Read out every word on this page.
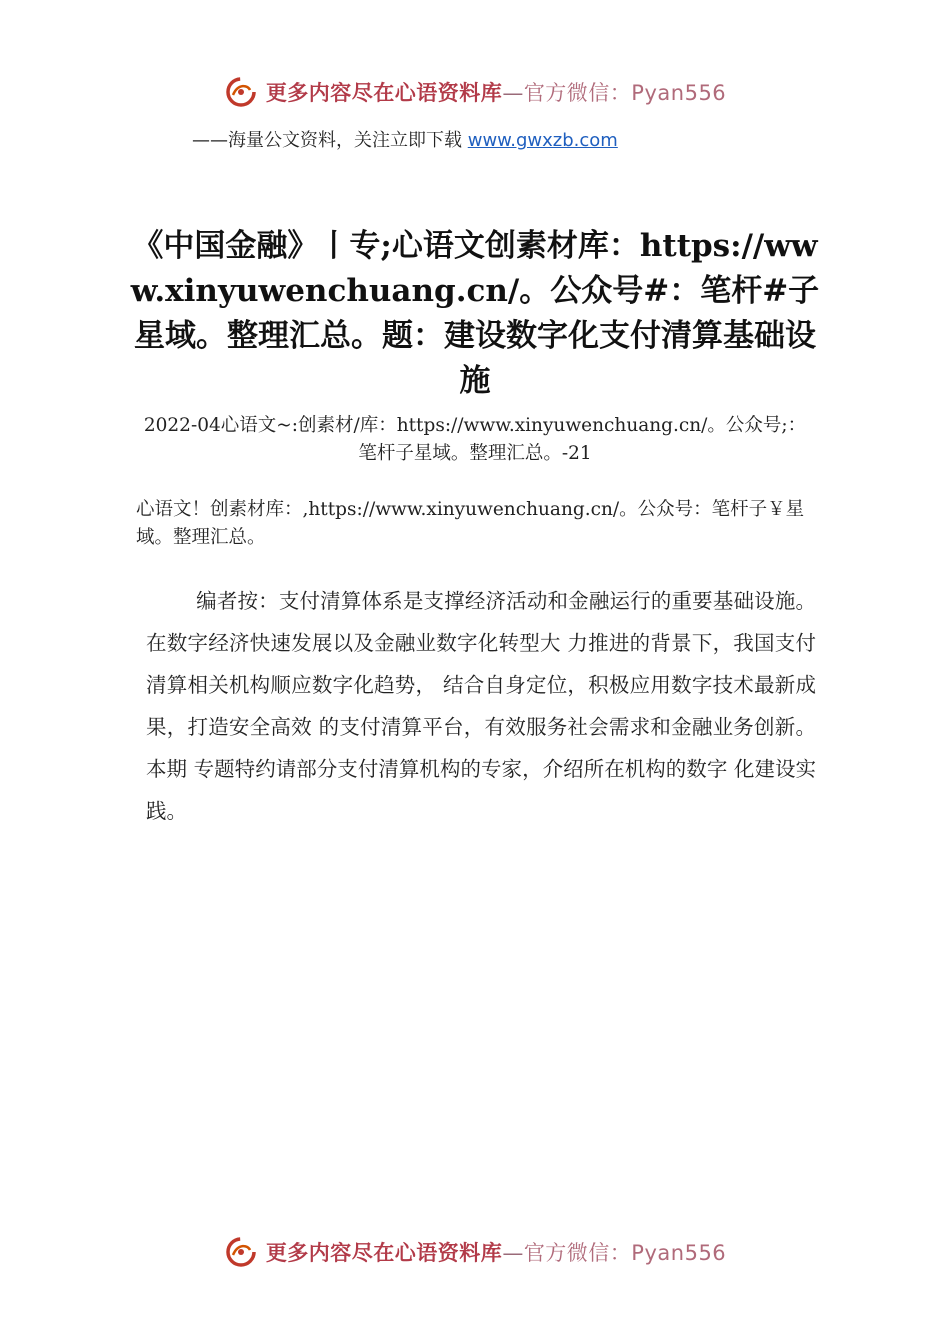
更多内容尽在心语资料库—官方微信：Pyan556
——海量公文资料，关注立即下载 www.gwxzb.com
《中国金融》丨专;心语文创素材库：https://www.xinyuwenchuang.cn/。公众号#：笔杆#子星域。整理汇总。题：建设数字化支付清算基础设施
2022-04心语文~:创素材/库：https://www.xinyuwenchuang.cn/。公众号;：笔杆子星域。整理汇总。-21
心语文！创素材库：,https://www.xinyuwenchuang.cn/。公众号：笔杆子￥星域。整理汇总。
编者按：支付清算体系是支撑经济活动和金融运行的重要基础设施。在数字经济快速发展以及金融业数字化转型大 力推进的背景下，我国支付清算相关机构顺应数字化趋势， 结合自身定位，积极应用数字技术最新成果，打造安全高效 的支付清算平台，有效服务社会需求和金融业务创新。本期 专题特约请部分支付清算机构的专家，介绍所在机构的数字 化建设实践。
更多内容尽在心语资料库—官方微信：Pyan556
